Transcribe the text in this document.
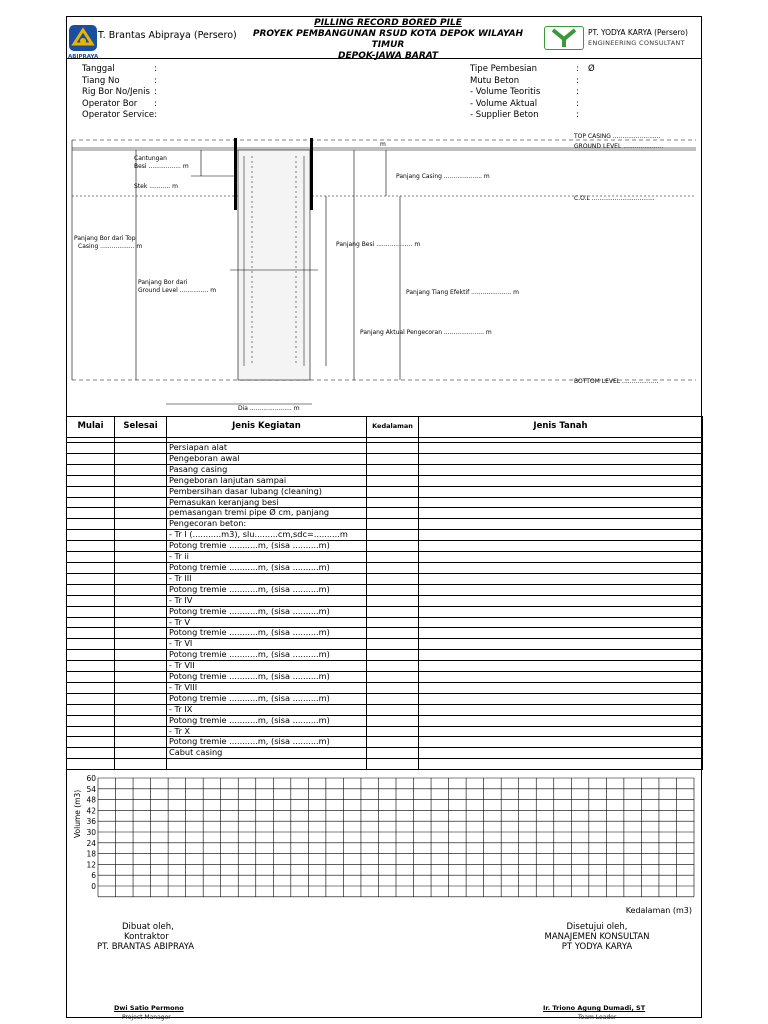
ABIPRAYA
T. Brantas Abipraya (Persero)
PILLING RECORD BORED PILE
PROYEK PEMBANGUNAN RSUD KOTA DEPOK WILAYAH TIMUR
DEPOK-JAWA BARAT
PT. YODYA KARYA (Persero)
ENGINEERING CONSULTANT
Tanggal	:
Tiang No	:
Rig Bor No/Jenis :
Operator Bor	:
Operator Service :
Tipe Pembesian	:	Ø
Mutu Beton	:
- Volume Teoritis	:
- Volume Aktual	:
- Supplier Beton	:
m
TOP CASING .........................
GROUND LEVEL .....................
C.O.L .................................
BOTTOM LEVEL ...................
Cantungan
Besi ................. m
Stek ........... m
Panjang Casing .................... m
Panjang Bor dari Top
Casing .................. m
Panjang Bor dari
Ground Level ............... m
Panjang Besi ................... m
Panjang Tiang Efektif ..................... m
Panjang Aktual Pengecoran ..................... m
Dia ...................... m
Mulai	Selesai	Jenis Kegiatan	Kedalaman	Jenis Tanah

		Persiapan alat		
		Pengeboran awal		
		Pasang casing		
		Pengeboran lanjutan sampai		
		Pembersihan dasar lubang (cleaning)		
		Pemasukan keranjang besi		
		pemasangan tremi pipe Ø cm, panjang		
		Pengecoran beton:		
		- Tr I (...........m3), slu.........cm,sdc=..........m		
		Potong tremie ...........m, (sisa ..........m)		
		- Tr ii		
		Potong tremie ...........m, (sisa ..........m)		
		- Tr III		
		Potong tremie ...........m, (sisa ..........m)		
		- Tr IV		
		Potong tremie ...........m, (sisa ..........m)		
		- Tr V		
		Potong tremie ...........m, (sisa ..........m)		
		- Tr VI		
		Potong tremie ...........m, (sisa ..........m)		
		- Tr VII		
		Potong tremie ...........m, (sisa ..........m)		
		- Tr VIII		
		Potong tremie ...........m, (sisa ..........m)		
		- Tr IX		
		Potong tremie ...........m, (sisa ..........m)		
		- Tr X		
		Potong tremie ...........m, (sisa ..........m)		
		Cabut casing		

Volume (m3)
60
54
48
42
36
30
24
18
12
6
0
Kedalaman (m3)
Dibuat oleh,
Kontraktor
PT. BRANTAS ABIPRAYA
Disetujui oleh,
MANAJEMEN KONSULTAN
PT YODYA KARYA
Dwi Satio Permono
Project Manager
Ir. Triono Agung Dumadi, ST
Team Leader
